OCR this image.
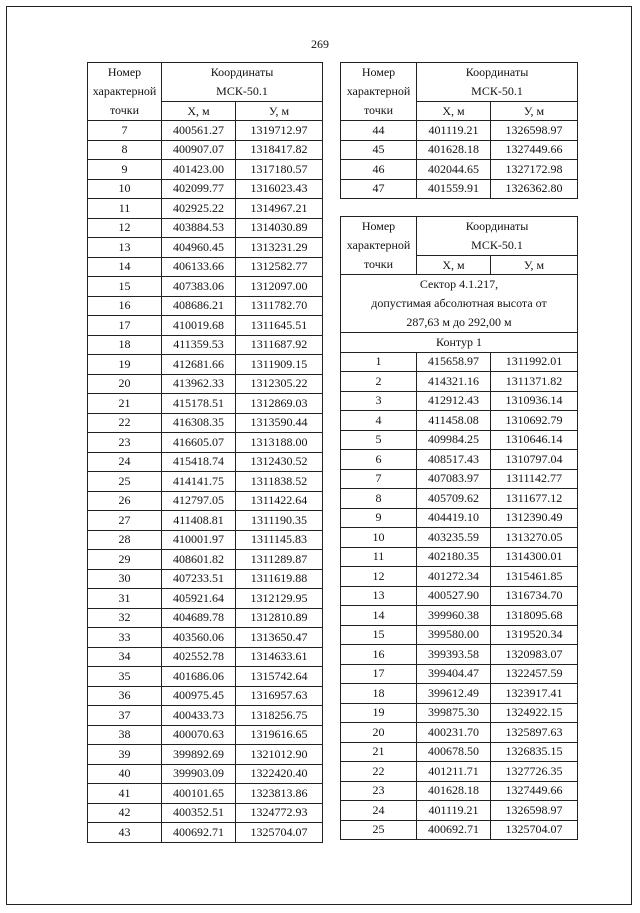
269
Номер
характерной
точки	Координаты
МСК-50.1	
	Х, м	У, м
7	400561.27	1319712.97
8	400907.07	1318417.82
9	401423.00	1317180.57
10	402099.77	1316023.43
11	402925.22	1314967.21
12	403884.53	1314030.89
13	404960.45	1313231.29
14	406133.66	1312582.77
15	407383.06	1312097.00
16	408686.21	1311782.70
17	410019.68	1311645.51
18	411359.53	1311687.92
19	412681.66	1311909.15
20	413962.33	1312305.22
21	415178.51	1312869.03
22	416308.35	1313590.44
23	416605.07	1313188.00
24	415418.74	1312430.52
25	414141.75	1311838.52
26	412797.05	1311422.64
27	411408.81	1311190.35
28	410001.97	1311145.83
29	408601.82	1311289.87
30	407233.51	1311619.88
31	405921.64	1312129.95
32	404689.78	1312810.89
33	403560.06	1313650.47
34	402552.78	1314633.61
35	401686.06	1315742.64
36	400975.45	1316957.63
37	400433.73	1318256.75
38	400070.63	1319616.65
39	399892.69	1321012.90
40	399903.09	1322420.40
41	400101.65	1323813.86
42	400352.51	1324772.93
43	400692.71	1325704.07
Номер
характерной
точки	Координаты
МСК-50.1	
	Х, м	У, м
44	401119.21	1326598.97
45	401628.18	1327449.66
46	402044.65	1327172.98
47	401559.91	1326362.80
Номер
характерной
точки	Координаты
МСК-50.1	
	Х, м	У, м
Сектор 4.1.217,
допустимая абсолютная высота от
287,63 м до 292,00 м		
Контур 1		
1	415658.97	1311992.01
2	414321.16	1311371.82
3	412912.43	1310936.14
4	411458.08	1310692.79
5	409984.25	1310646.14
6	408517.43	1310797.04
7	407083.97	1311142.77
8	405709.62	1311677.12
9	404419.10	1312390.49
10	403235.59	1313270.05
11	402180.35	1314300.01
12	401272.34	1315461.85
13	400527.90	1316734.70
14	399960.38	1318095.68
15	399580.00	1319520.34
16	399393.58	1320983.07
17	399404.47	1322457.59
18	399612.49	1323917.41
19	399875.30	1324922.15
20	400231.70	1325897.63
21	400678.50	1326835.15
22	401211.71	1327726.35
23	401628.18	1327449.66
24	401119.21	1326598.97
25	400692.71	1325704.07
